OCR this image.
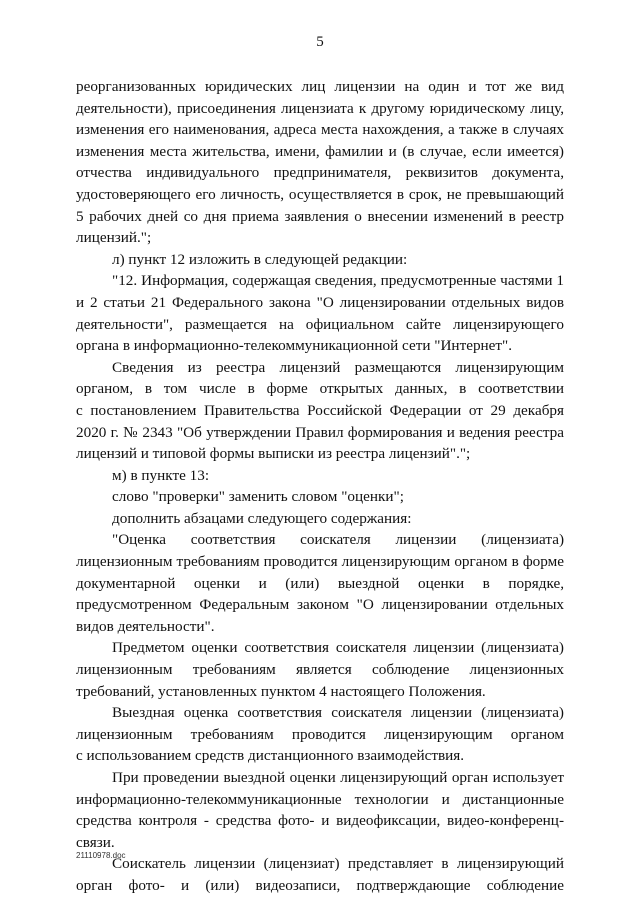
5
реорганизованных юридических лиц лицензии на один и тот же вид
деятельности), присоединения лицензиата к другому юридическому лицу,
изменения его наименования, адреса места нахождения, а также в случаях
изменения места жительства, имени, фамилии и (в случае, если имеется)
отчества индивидуального предпринимателя, реквизитов документа,
удостоверяющего его личность, осуществляется в срок, не превышающий
5 рабочих дней со дня приема заявления о внесении изменений в реестр
лицензий.";
л) пункт 12 изложить в следующей редакции:
"12. Информация, содержащая сведения, предусмотренные частями 1
и 2 статьи 21 Федерального закона "О лицензировании отдельных видов
деятельности", размещается на официальном сайте лицензирующего
органа в информационно-телекоммуникационной сети "Интернет".
Сведения из реестра лицензий размещаются лицензирующим
органом, в том числе в форме открытых данных, в соответствии
с постановлением Правительства Российской Федерации от 29 декабря
2020 г. № 2343 "Об утверждении Правил формирования и ведения реестра
лицензий и типовой формы выписки из реестра лицензий".";
м) в пункте 13:
слово "проверки" заменить словом "оценки";
дополнить абзацами следующего содержания:
"Оценка соответствия соискателя лицензии (лицензиата)
лицензионным требованиям проводится лицензирующим органом в форме
документарной оценки и (или) выездной оценки в порядке,
предусмотренном Федеральным законом "О лицензировании отдельных
видов деятельности".
Предметом оценки соответствия соискателя лицензии (лицензиата)
лицензионным требованиям является соблюдение лицензионных
требований, установленных пунктом 4 настоящего Положения.
Выездная оценка соответствия соискателя лицензии (лицензиата)
лицензионным требованиям проводится лицензирующим органом
с использованием средств дистанционного взаимодействия.
При проведении выездной оценки лицензирующий орган использует
информационно-телекоммуникационные технологии и дистанционные
средства контроля - средства фото- и видеофиксации, видео-конференц-
связи.
Соискатель лицензии (лицензиат) представляет в лицензирующий
орган фото- и (или) видеозаписи, подтверждающие соблюдение
21110978.doc
